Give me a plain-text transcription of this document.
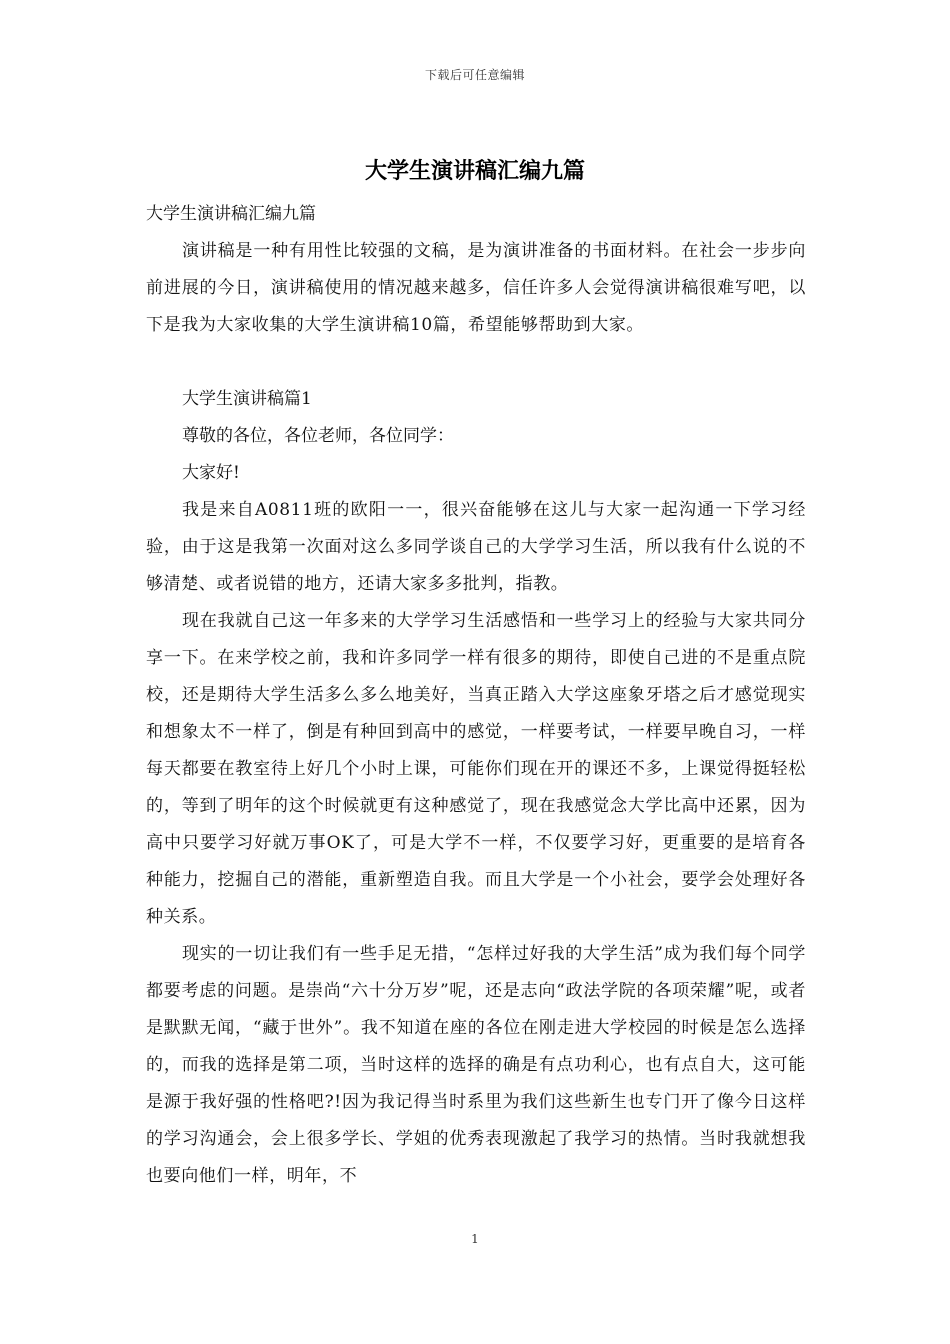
下载后可任意编辑
大学生演讲稿汇编九篇

大学生演讲稿汇编九篇

演讲稿是一种有用性比较强的文稿，是为演讲准备的书面材料。在社会一步步向前进展的今日，演讲稿使用的情况越来越多，信任许多人会觉得演讲稿很难写吧，以下是我为大家收集的大学生演讲稿10篇，希望能够帮助到大家。

大学生演讲稿篇1

尊敬的各位，各位老师，各位同学：

大家好!

我是来自A0811班的欧阳一一，很兴奋能够在这儿与大家一起沟通一下学习经验，由于这是我第一次面对这么多同学谈自己的大学学习生活，所以我有什么说的不够清楚、或者说错的地方，还请大家多多批判，指教。

现在我就自己这一年多来的大学学习生活感悟和一些学习上的经验与大家共同分享一下。在来学校之前，我和许多同学一样有很多的期待，即使自己进的不是重点院校，还是期待大学生活多么多么地美好，当真正踏入大学这座象牙塔之后才感觉现实和想象太不一样了，倒是有种回到高中的感觉，一样要考试，一样要早晚自习，一样每天都要在教室待上好几个小时上课，可能你们现在开的课还不多，上课觉得挺轻松的，等到了明年的这个时候就更有这种感觉了，现在我感觉念大学比高中还累，因为高中只要学习好就万事OK了，可是大学不一样，不仅要学习好，更重要的是培育各种能力，挖掘自己的潜能，重新塑造自我。而且大学是一个小社会，要学会处理好各种关系。

现实的一切让我们有一些手足无措，“怎样过好我的大学生活”成为我们每个同学都要考虑的问题。是崇尚“六十分万岁”呢，还是志向“政法学院的各项荣耀”呢，或者是默默无闻，“藏于世外”。我不知道在座的各位在刚走进大学校园的时候是怎么选择的，而我的选择是第二项，当时这样的选择的确是有点功利心，也有点自大，这可能是源于我好强的性格吧?!因为我记得当时系里为我们这些新生也专门开了像今日这样的学习沟通会，会上很多学长、学姐的优秀表现激起了我学习的热情。当时我就想我也要向他们一样，明年，不

1
